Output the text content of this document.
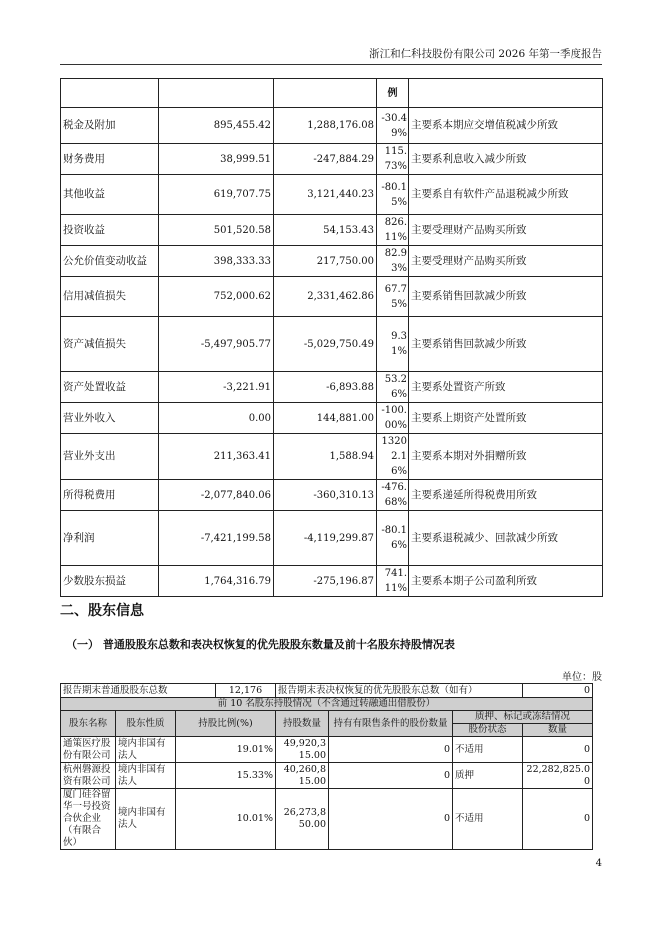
浙江和仁科技股份有限公司 2026 年第一季度报告
			例	
税金及附加	895,455.42	1,288,176.08	-30.49%	主要系本期应交增值税减少所致
财务费用	38,999.51	-247,884.29	115.73%	主要系利息收入减少所致
其他收益	619,707.75	3,121,440.23	-80.15%	主要系自有软件产品退税减少所致
投资收益	501,520.58	54,153.43	826.11%	主要受理财产品购买所致
公允价值变动收益	398,333.33	217,750.00	82.93%	主要受理财产品购买所致
信用减值损失	752,000.62	2,331,462.86	67.75%	主要系销售回款减少所致
资产减值损失	-5,497,905.77	-5,029,750.49	9.31%	主要系销售回款减少所致
资产处置收益	-3,221.91	-6,893.88	53.26%	主要系处置资产所致
营业外收入	0.00	144,881.00	-100.00%	主要系上期资产处置所致
营业外支出	211,363.41	1,588.94	13202.16%	主要系本期对外捐赠所致
所得税费用	-2,077,840.06	-360,310.13	-476.68%	主要系递延所得税费用所致
净利润	-7,421,199.58	-4,119,299.87	-80.16%	主要系退税减少、回款减少所致
少数股东损益	1,764,316.79	-275,196.87	741.11%	主要系本期子公司盈利所致
二、股东信息
（一） 普通股股东总数和表决权恢复的优先股股东数量及前十名股东持股情况表
单位：股
报告期末普通股股东总数			12,176	报告期末表决权恢复的优先股股东总数（如有）			0
前 10 名股东持股情况（不含通过转融通出借股份）							
股东名称	股东性质	持股比例(%)		持股数量	持有有限售条件的股份数量	质押、标记或冻结情况	
						股份状态	数量
通策医疗股份有限公司	境内非国有法人	19.01%		49,920,315.00	0	不适用	0
杭州磐源投资有限公司	境内非国有法人	15.33%		40,260,815.00	0	质押	22,282,825.00
厦门硅谷留华一号投资合伙企业（有限合伙）	境内非国有法人	10.01%		26,273,850.00	0	不适用	0
4
